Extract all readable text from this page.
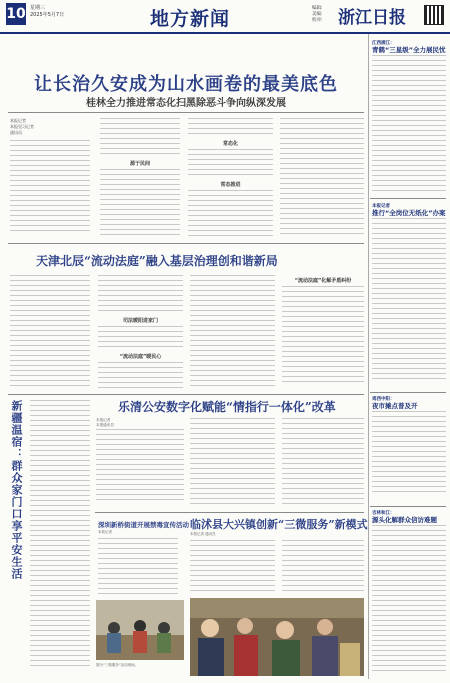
10 星期三
2025年5月7日	地方新闻	编辑:
美编:
校对: 浙江日报
让长治久安成为山水画卷的最美底色
桂林全力推进常态化扫黑除恶斗争向纵深发展
本报记者
本报见习记者
通讯员
源于民间
常态化
常态推进
天津北辰“流动法庭”融入基层治理创和谐新局
司法暖阳进家门
“流动法庭”暖民心
“流动法庭”化解矛盾纠纷
新疆温宿：群众家门口享平安生活	乐清公安数字化赋能“情指行一体化”改革
本报记者
本报通讯员
深圳新桥街道开展禁毒宣传活动
本报记者
临沭县大兴镇创新“三微服务”新模式
本报记者 通讯员
图为“三微服务”活动现场。
江西浦江：
青鹤“三星级”全力展民忧
本报记者
推行“全岗位无纸化”办案
鸡西中阳：
夜市摊点普及开
吉林和江：
源头化解群众信访难题
